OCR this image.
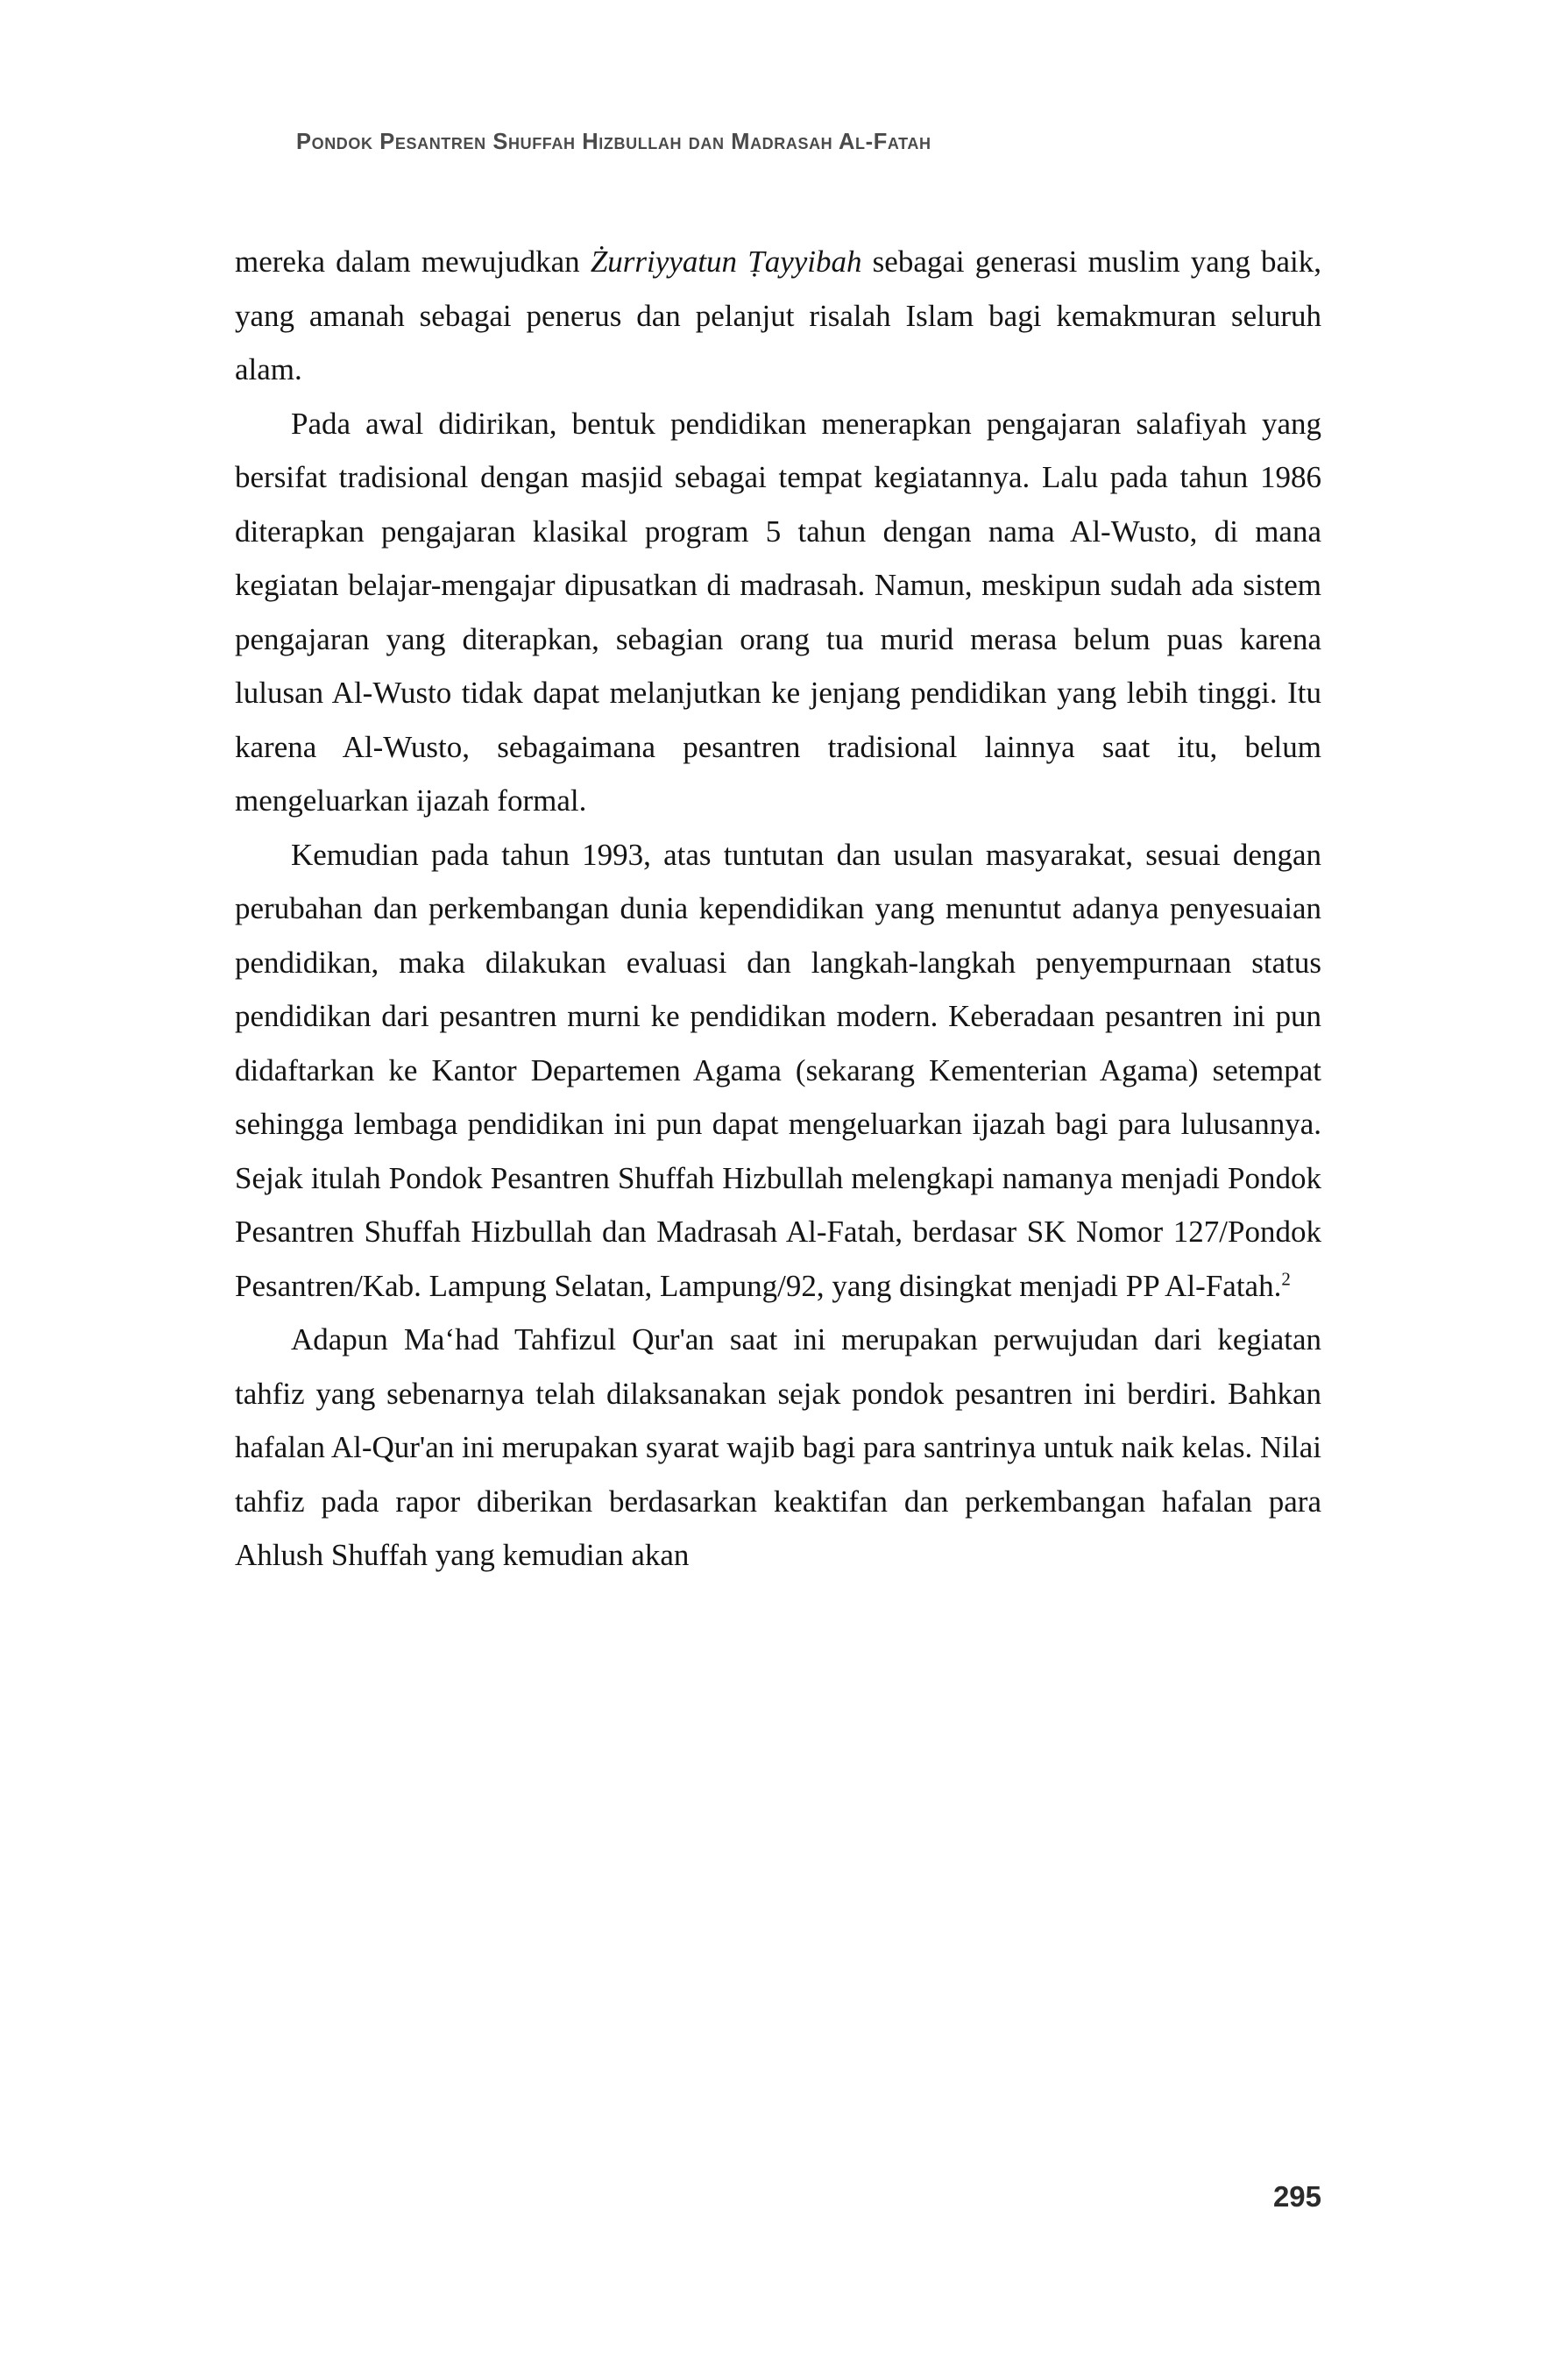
Pondok Pesantren Shuffah Hizbullah dan Madrasah Al-Fatah

mereka dalam mewujudkan Żurriyyatun Ṭayyibah sebagai generasi muslim yang baik, yang amanah sebagai penerus dan pelanjut risalah Islam bagi kemakmuran seluruh alam.

Pada awal didirikan, bentuk pendidikan menerapkan pengajaran salafiyah yang bersifat tradisional dengan masjid sebagai tempat kegiatannya. Lalu pada tahun 1986 diterapkan pengajaran klasikal program 5 tahun dengan nama Al-Wusto, di mana kegiatan belajar-mengajar dipusatkan di madrasah. Namun, meskipun sudah ada sistem pengajaran yang diterapkan, sebagian orang tua murid merasa belum puas karena lulusan Al-Wusto tidak dapat melanjutkan ke jenjang pendidikan yang lebih tinggi. Itu karena Al-Wusto, sebagaimana pesantren tradisional lainnya saat itu, belum mengeluarkan ijazah formal.

Kemudian pada tahun 1993, atas tuntutan dan usulan masyarakat, sesuai dengan perubahan dan perkembangan dunia kependidikan yang menuntut adanya penyesuaian pendidikan, maka dilakukan evaluasi dan langkah-langkah penyempurnaan status pendidikan dari pesantren murni ke pendidikan modern. Keberadaan pesantren ini pun didaftarkan ke Kantor Departemen Agama (sekarang Kementerian Agama) setempat sehingga lembaga pendidikan ini pun dapat mengeluarkan ijazah bagi para lulusannya. Sejak itulah Pondok Pesantren Shuffah Hizbullah melengkapi namanya menjadi Pondok Pesantren Shuffah Hizbullah dan Madrasah Al-Fatah, berdasar SK Nomor 127/Pondok Pesantren/Kab. Lampung Selatan, Lampung/92, yang disingkat menjadi PP Al-Fatah.$^2$

Adapun Ma‘had Tahfizul Qur'an saat ini merupakan perwujudan dari kegiatan tahfiz yang sebenarnya telah dilaksanakan sejak pondok pesantren ini berdiri. Bahkan hafalan Al-Qur'an ini merupakan syarat wajib bagi para santrinya untuk naik kelas. Nilai tahfiz pada rapor diberikan berdasarkan keaktifan dan perkembangan hafalan para Ahlush Shuffah yang kemudian akan

295
